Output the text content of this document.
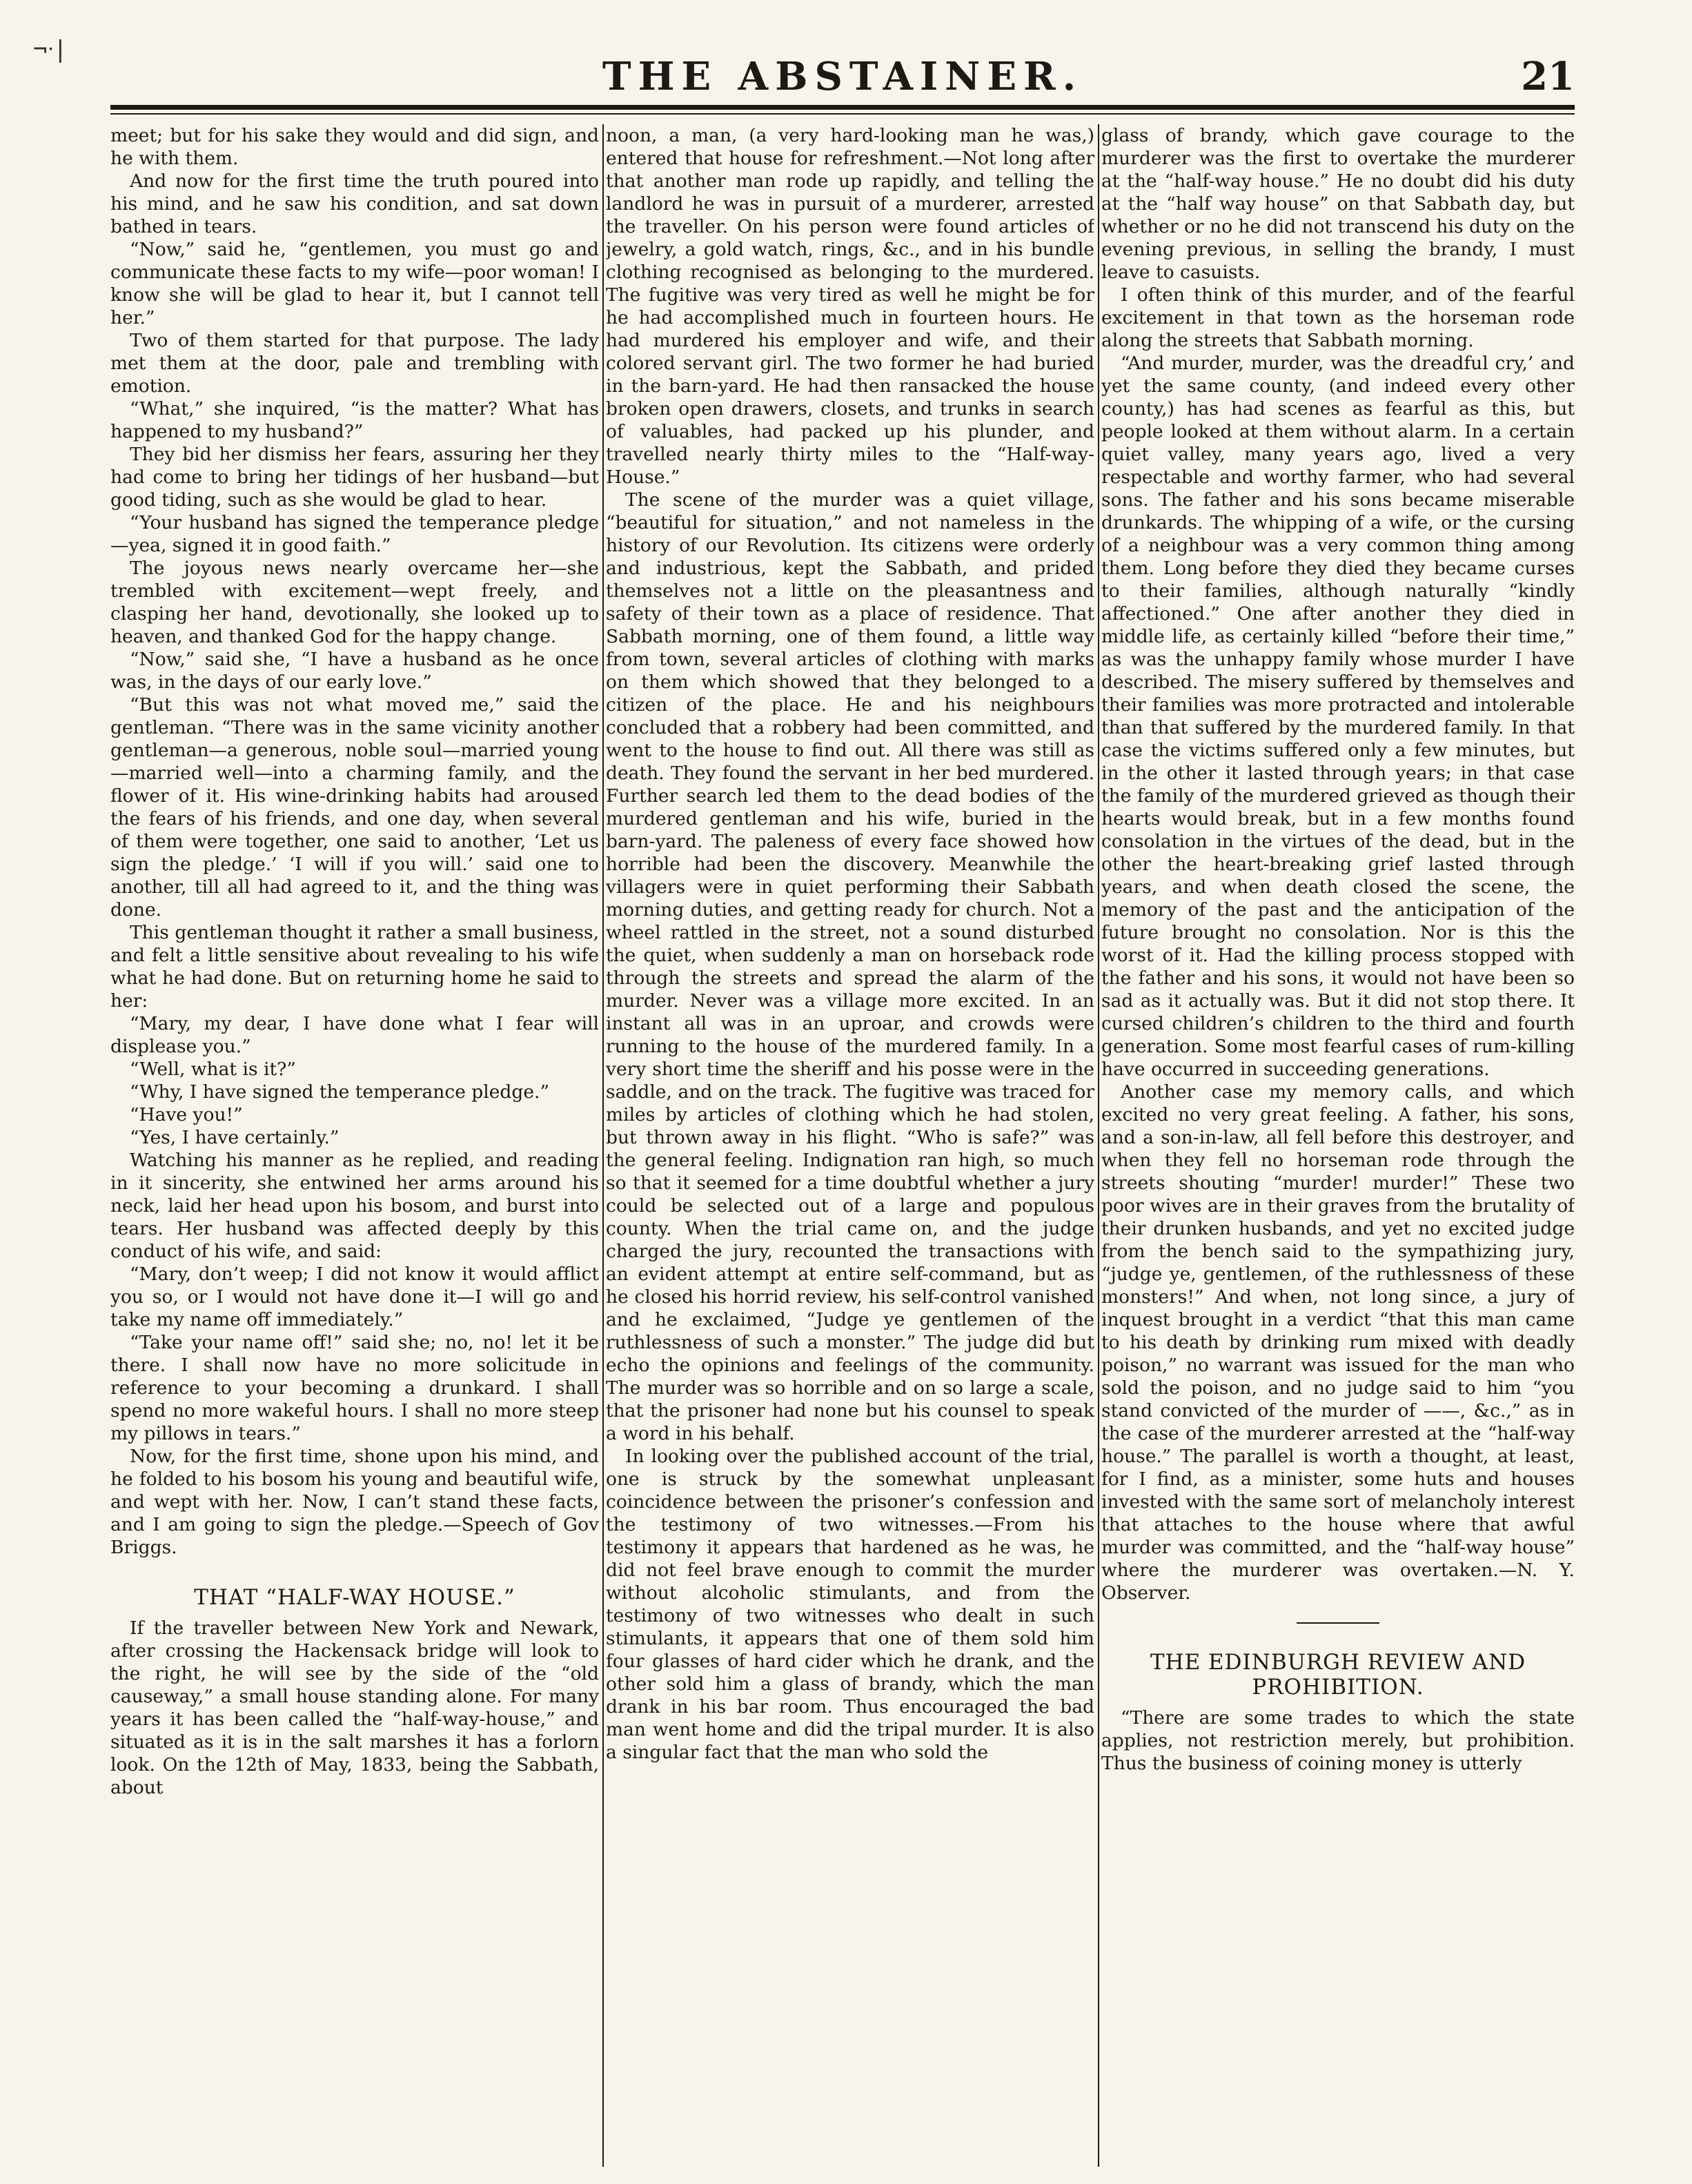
¬ᐧ|
THE ABSTAINER.	21

meet; but for his sake they would and did sign, and he with them.

And now for the first time the truth poured into his mind, and he saw his condition, and sat down bathed in tears.

“Now,” said he, “gentlemen, you must go and communicate these facts to my wife—poor woman! I know she will be glad to hear it, but I cannot tell her.”

Two of them started for that purpose. The lady met them at the door, pale and trembling with emotion.

“What,” she inquired, “is the matter? What has happened to my husband?”

They bid her dismiss her fears, assuring her they had come to bring her tidings of her husband—but good tiding, such as she would be glad to hear.

“Your husband has signed the temperance pledge—yea, signed it in good faith.”

The joyous news nearly overcame her—she trembled with excitement—wept freely, and clasping her hand, devotionally, she looked up to heaven, and thanked God for the happy change.

“Now,” said she, “I have a husband as he once was, in the days of our early love.”

“But this was not what moved me,” said the gentleman. “There was in the same vicinity another gentleman—a generous, noble soul—married young—married well—into a charming family, and the flower of it. His wine-drinking habits had aroused the fears of his friends, and one day, when several of them were together, one said to another, ‘Let us sign the pledge.’ ‘I will if you will.’ said one to another, till all had agreed to it, and the thing was done.

This gentleman thought it rather a small business, and felt a little sensitive about revealing to his wife what he had done. But on returning home he said to her:

“Mary, my dear, I have done what I fear will displease you.”

“Well, what is it?”

“Why, I have signed the temperance pledge.”

“Have you!”

“Yes, I have certainly.”

Watching his manner as he replied, and reading in it sincerity, she entwined her arms around his neck, laid her head upon his bosom, and burst into tears. Her husband was affected deeply by this conduct of his wife, and said:

“Mary, don’t weep; I did not know it would afflict you so, or I would not have done it—I will go and take my name off immediately.”

“Take your name off!” said she; no, no! let it be there. I shall now have no more solicitude in reference to your becoming a drunkard. I shall spend no more wakeful hours. I shall no more steep my pillows in tears.”

Now, for the first time, shone upon his mind, and he folded to his bosom his young and beautiful wife, and wept with her. Now, I can’t stand these facts, and I am going to sign the pledge.—Speech of Gov Briggs.

THAT “HALF-WAY HOUSE.”

If the traveller between New York and Newark, after crossing the Hackensack bridge will look to the right, he will see by the side of the “old causeway,” a small house standing alone. For many years it has been called the “half-way-house,” and situated as it is in the salt marshes it has a forlorn look. On the 12th of May, 1833, being the Sabbath, about

noon, a man, (a very hard-looking man he was,) entered that house for refreshment.—Not long after that another man rode up rapidly, and telling the landlord he was in pursuit of a murderer, arrested the traveller. On his person were found articles of jewelry, a gold watch, rings, &c., and in his bundle clothing recognised as belonging to the murdered. The fugitive was very tired as well he might be for he had accomplished much in fourteen hours. He had murdered his employer and wife, and their colored servant girl. The two former he had buried in the barn-yard. He had then ransacked the house broken open drawers, closets, and trunks in search of valuables, had packed up his plunder, and travelled nearly thirty miles to the “Half-way-House.”

The scene of the murder was a quiet village, “beautiful for situation,” and not nameless in the history of our Revolution. Its citizens were orderly and industrious, kept the Sabbath, and prided themselves not a little on the pleasantness and safety of their town as a place of residence. That Sabbath morning, one of them found, a little way from town, several articles of clothing with marks on them which showed that they belonged to a citizen of the place. He and his neighbours concluded that a robbery had been committed, and went to the house to find out. All there was still as death. They found the servant in her bed murdered. Further search led them to the dead bodies of the murdered gentleman and his wife, buried in the barn-yard. The paleness of every face showed how horrible had been the discovery. Meanwhile the villagers were in quiet performing their Sabbath morning duties, and getting ready for church. Not a wheel rattled in the street, not a sound disturbed the quiet, when suddenly a man on horseback rode through the streets and spread the alarm of the murder. Never was a village more excited. In an instant all was in an uproar, and crowds were running to the house of the murdered family. In a very short time the sheriff and his posse were in the saddle, and on the track. The fugitive was traced for miles by articles of clothing which he had stolen, but thrown away in his flight. “Who is safe?” was the general feeling. Indignation ran high, so much so that it seemed for a time doubtful whether a jury could be selected out of a large and populous county. When the trial came on, and the judge charged the jury, recounted the transactions with an evident attempt at entire self-command, but as he closed his horrid review, his self-control vanished and he exclaimed, “Judge ye gentlemen of the ruthlessness of such a monster.” The judge did but echo the opinions and feelings of the community. The murder was so horrible and on so large a scale, that the prisoner had none but his counsel to speak a word in his behalf.

In looking over the published account of the trial, one is struck by the somewhat unpleasant coincidence between the prisoner’s confession and the testimony of two witnesses.—From his testimony it appears that hardened as he was, he did not feel brave enough to commit the murder without alcoholic stimulants, and from the testimony of two witnesses who dealt in such stimulants, it appears that one of them sold him four glasses of hard cider which he drank, and the other sold him a glass of brandy, which the man drank in his bar room. Thus encouraged the bad man went home and did the tripal murder. It is also a singular fact that the man who sold the

glass of brandy, which gave courage to the murderer was the first to overtake the murderer at the “half-way house.” He no doubt did his duty at the “half way house” on that Sabbath day, but whether or no he did not transcend his duty on the evening previous, in selling the brandy, I must leave to casuists.

I often think of this murder, and of the fearful excitement in that town as the horseman rode along the streets that Sabbath morning.

“And murder, murder, was the dreadful cry,’ and yet the same county, (and indeed every other county,) has had scenes as fearful as this, but people looked at them without alarm. In a certain quiet valley, many years ago, lived a very respectable and worthy farmer, who had several sons. The father and his sons became miserable drunkards. The whipping of a wife, or the cursing of a neighbour was a very common thing among them. Long before they died they became curses to their families, although naturally “kindly affectioned.” One after another they died in middle life, as certainly killed “before their time,” as was the unhappy family whose murder I have described. The misery suffered by themselves and their families was more protracted and intolerable than that suffered by the murdered family. In that case the victims suffered only a few minutes, but in the other it lasted through years; in that case the family of the murdered grieved as though their hearts would break, but in a few months found consolation in the virtues of the dead, but in the other the heart-breaking grief lasted through years, and when death closed the scene, the memory of the past and the anticipation of the future brought no consolation. Nor is this the worst of it. Had the killing process stopped with the father and his sons, it would not have been so sad as it actually was. But it did not stop there. It cursed children’s children to the third and fourth generation. Some most fearful cases of rum-killing have occurred in succeeding generations.

Another case my memory calls, and which excited no very great feeling. A father, his sons, and a son-in-law, all fell before this destroyer, and when they fell no horseman rode through the streets shouting “murder! murder!” These two poor wives are in their graves from the brutality of their drunken husbands, and yet no excited judge from the bench said to the sympathizing jury, “judge ye, gentlemen, of the ruthlessness of these monsters!” And when, not long since, a jury of inquest brought in a verdict “that this man came to his death by drinking rum mixed with deadly poison,” no warrant was issued for the man who sold the poison, and no judge said to him “you stand convicted of the murder of ——, &c.,” as in the case of the murderer arrested at the “half-way house.” The parallel is worth a thought, at least, for I find, as a minister, some huts and houses invested with the same sort of melancholy interest that attaches to the house where that awful murder was committed, and the “half-way house” where the murderer was overtaken.—N. Y. Observer.

THE EDINBURGH REVIEW AND PROHIBITION.

“There are some trades to which the state applies, not restriction merely, but prohibition. Thus the business of coining money is utterly
